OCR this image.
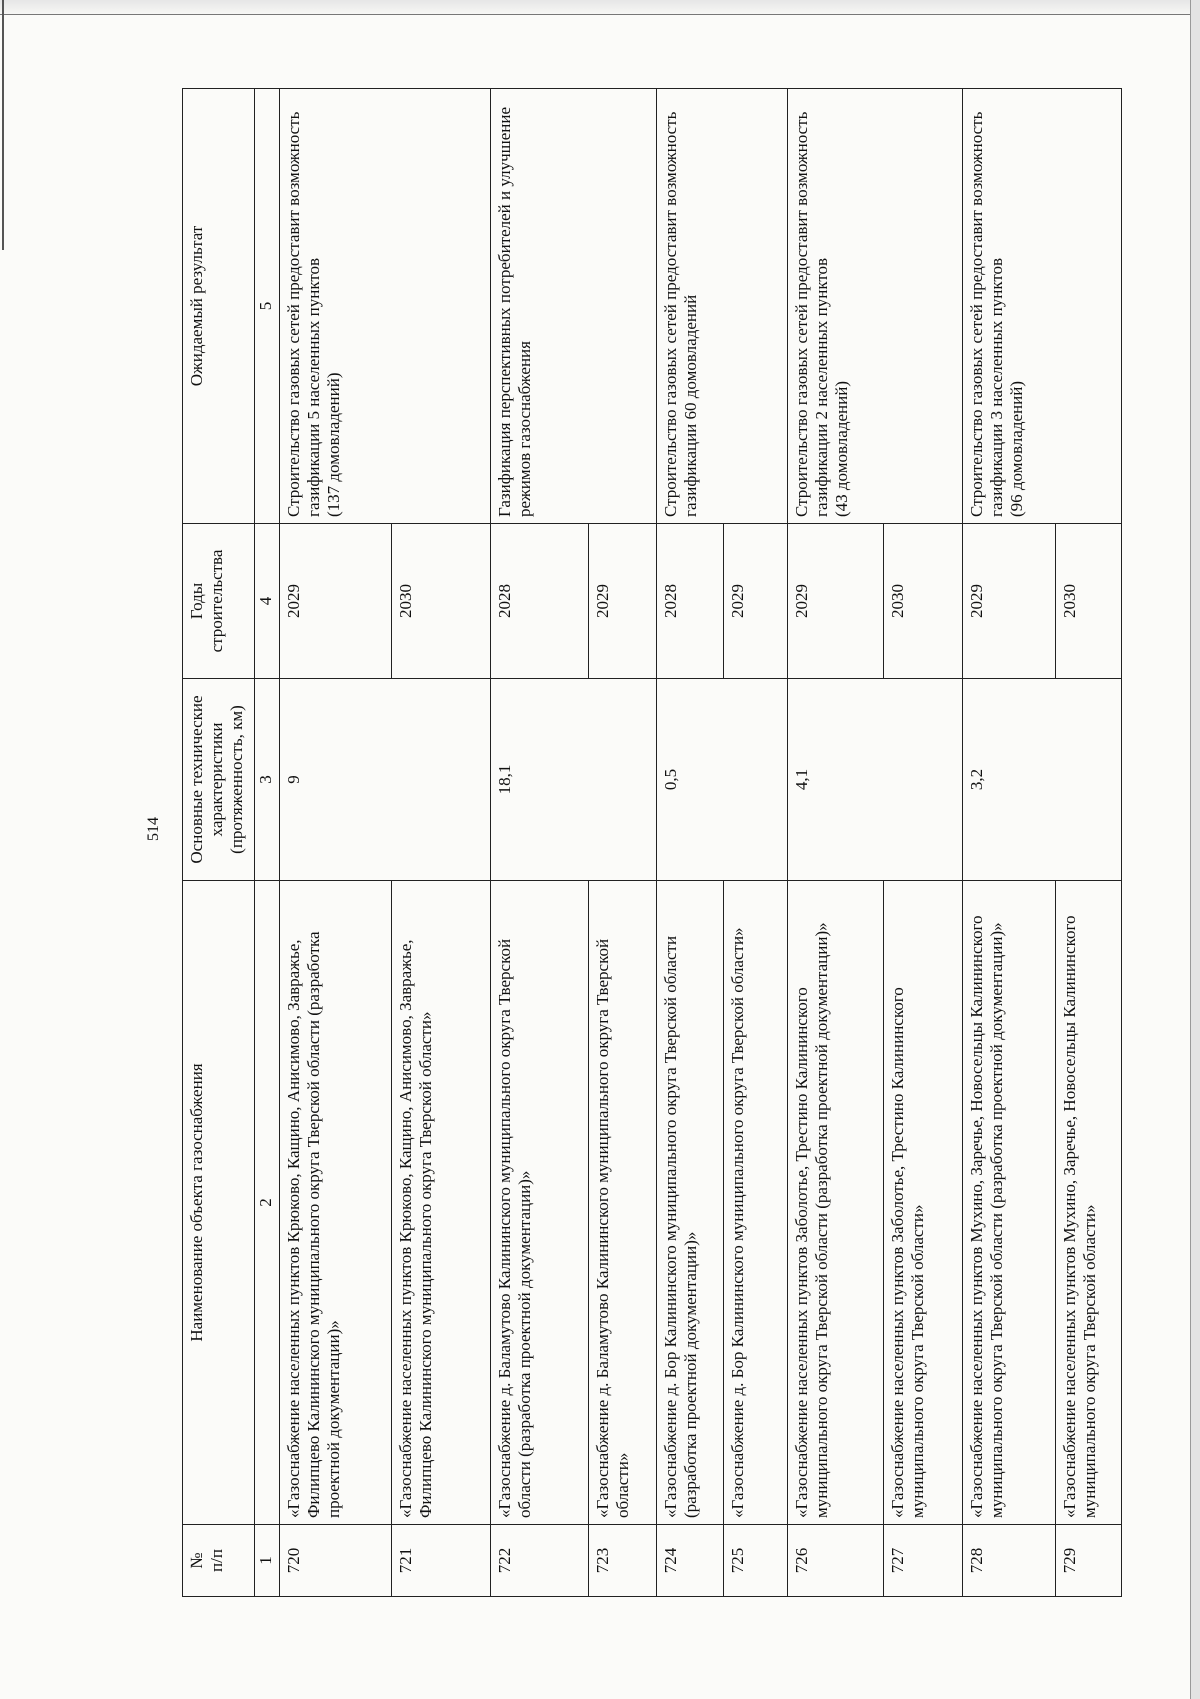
514
№
п/п	Наименование объекта газоснабжения	Основные технические характеристики (протяженность, км)	Годы строительства	Ожидаемый результат
1	2	3	4	5
720	«Газоснабжение населенных пунктов Крюково, Кащино, Анисимово, Завражье, Филипцево Калининского муниципального округа Тверской области (разработка проектной документации)»	9	2029	Строительство газовых сетей предоставит возможность газификации 5 населенных пунктов (137 домовладений)

721	«Газоснабжение населенных пунктов Крюково, Кащино, Анисимово, Завражье, Филипцево Калининского муниципального округа Тверской области»		2030	
722	«Газоснабжение д. Баламутово Калининского муниципального округа Тверской области (разработка проектной документации)»	18,1	2028	Газификация перспективных потребителей и улучшение режимов газоснабжения

723	«Газоснабжение д. Баламутово Калининского муниципального округа Тверской области»		2029	
724	«Газоснабжение д. Бор Калининского муниципального округа Тверской области (разработка проектной документации)»	0,5	2028	Строительство газовых сетей предоставит возможность газификации 60 домовладений

725	«Газоснабжение д. Бор Калининского муниципального округа Тверской области»		2029	
726	«Газоснабжение населенных пунктов Заболотье, Трестино Калининского муниципального округа Тверской области (разработка проектной документации)»	4,1	2029	Строительство газовых сетей предоставит возможность газификации 2 населенных пунктов (43 домовладений)

727	«Газоснабжение населенных пунктов Заболотье, Трестино Калининского муниципального округа Тверской области»		2030	
728	«Газоснабжение населенных пунктов Мухино, Заречье, Новосельцы Калининского муниципального округа Тверской области (разработка проектной документации)»	3,2	2029	Строительство газовых сетей предоставит возможность газификации 3 населенных пунктов (96 домовладений)

729	«Газоснабжение населенных пунктов Мухино, Заречье, Новосельцы Калининского муниципального округа Тверской области»		2030	
